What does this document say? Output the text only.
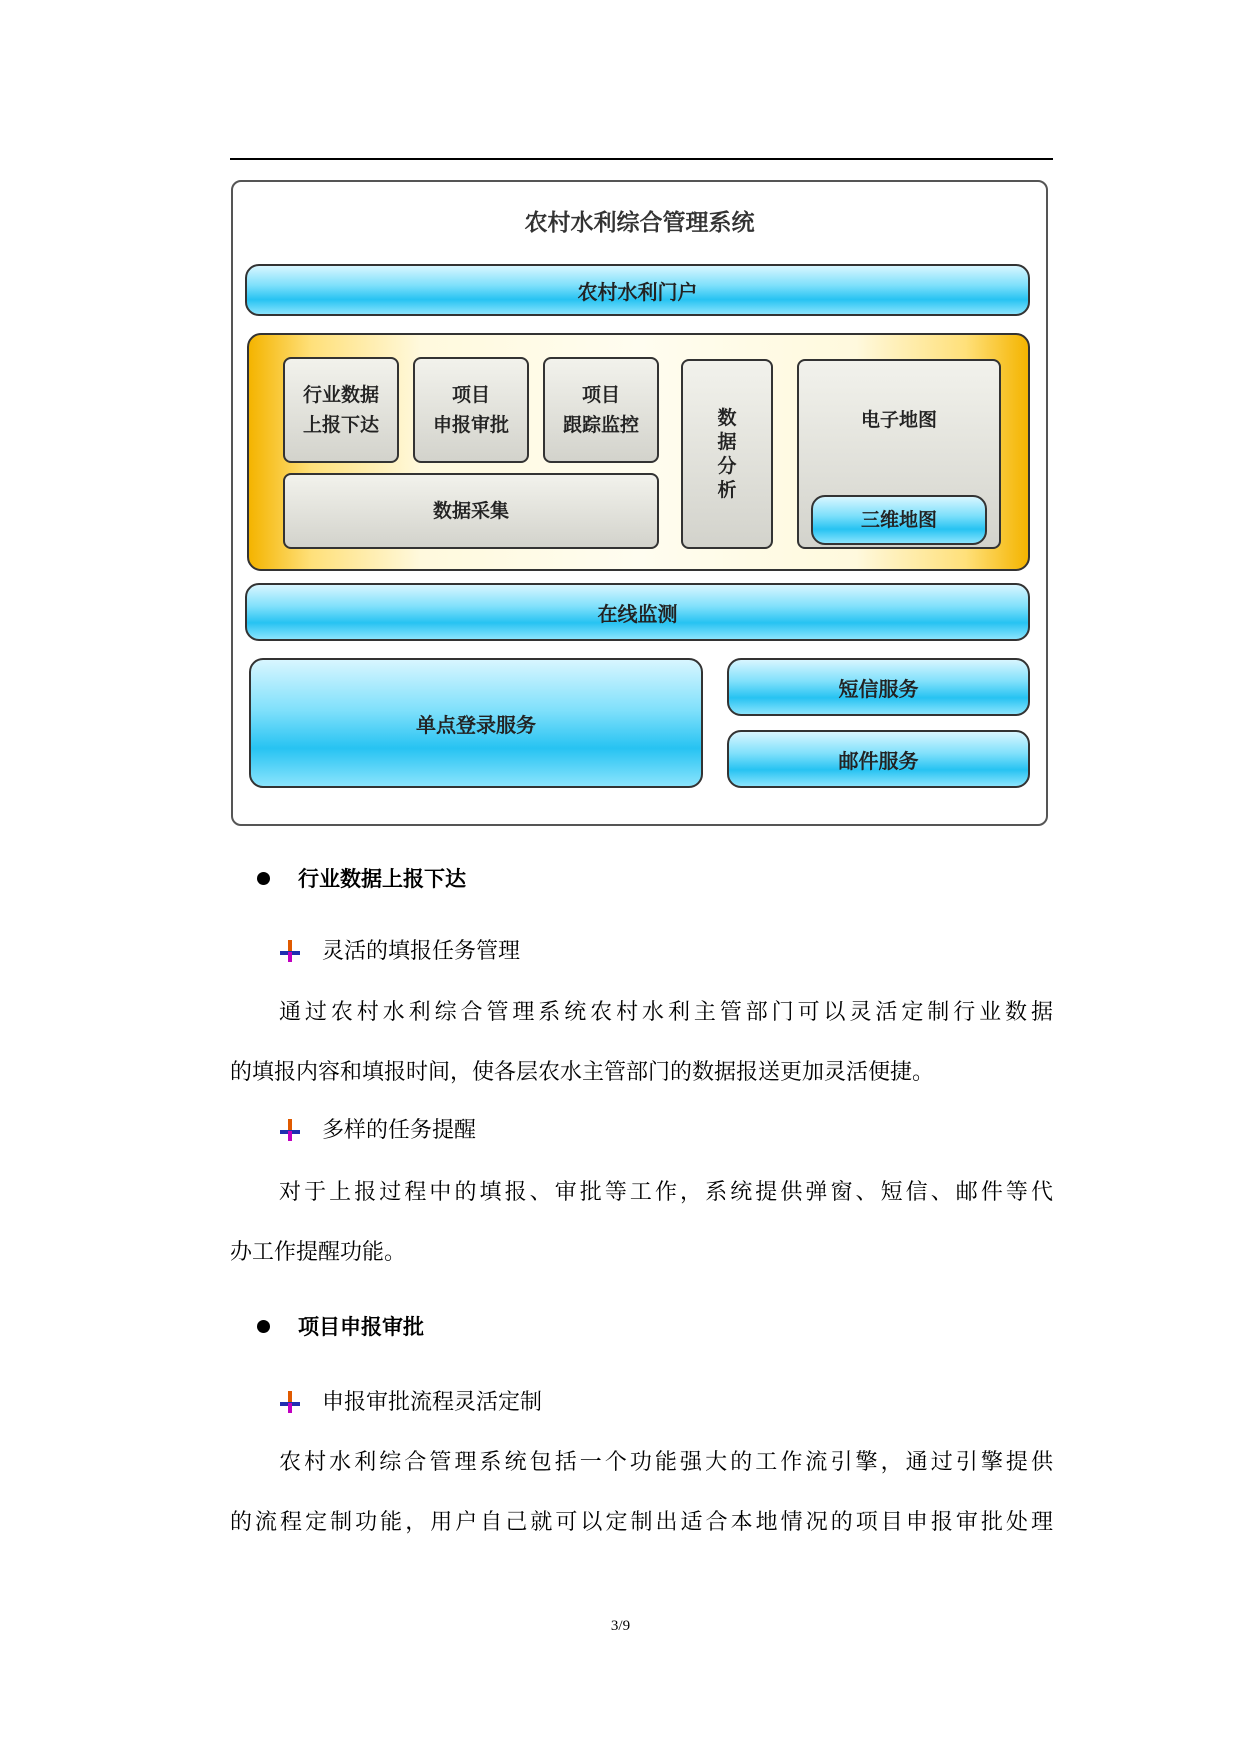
农村水利综合管理系统
农村水利门户
行业数据
上报下达
项目
申报审批
项目
跟踪监控
数据采集
数
据
分
析
电子地图
三维地图
在线监测
单点登录服务
短信服务
邮件服务
行业数据上报下达
灵活的填报任务管理
通过农村水利综合管理系统农村水利主管部门可以灵活定制行业数据
的填报内容和填报时间，使各层农水主管部门的数据报送更加灵活便捷。
多样的任务提醒
对于上报过程中的填报、审批等工作，系统提供弹窗、短信、邮件等代
办工作提醒功能。
项目申报审批
申报审批流程灵活定制
农村水利综合管理系统包括一个功能强大的工作流引擎，通过引擎提供
的流程定制功能，用户自己就可以定制出适合本地情况的项目申报审批处理
3/9
